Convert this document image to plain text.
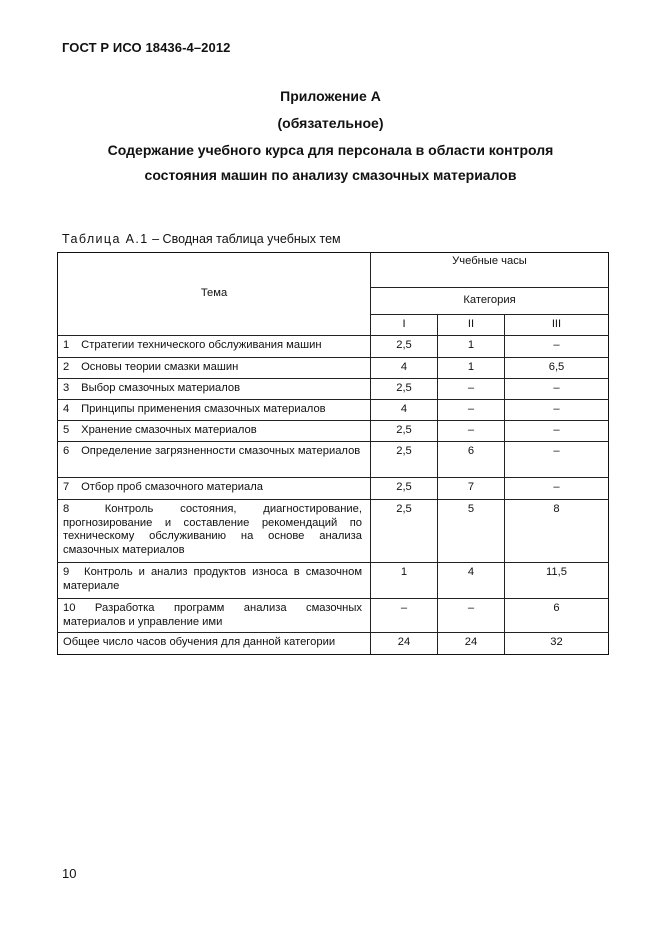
ГОСТ Р ИСО 18436-4–2012
Приложение А
(обязательное)
Содержание учебного курса для персонала в области контроля
состояния машин по анализу смазочных материалов
Таблица А.1 – Сводная таблица учебных тем
Тема	Учебные часы		
	Категория		
	I	II	III
1 Стратегии технического обслуживания машин	2,5	1	–
2 Основы теории смазки машин	4	1	6,5
3 Выбор смазочных материалов	2,5	–	–
4 Принципы применения смазочных материалов	4	–	–
5 Хранение смазочных материалов	2,5	–	–
6 Определение загрязненности смазочных материалов	2,5	6	–
7 Отбор проб смазочного материала	2,5	7	–
8 Контроль состояния, диагностирование, прогнозирование и составление рекомендаций по техническому обслуживанию на основе анализа смазочных материалов	2,5	5	8
9 Контроль и анализ продуктов износа в смазочном материале	1	4	11,5
10 Разработка программ анализа смазочных материалов и управление ими	–	–	6
Общее число часов обучения для данной категории	24	24	32
10
